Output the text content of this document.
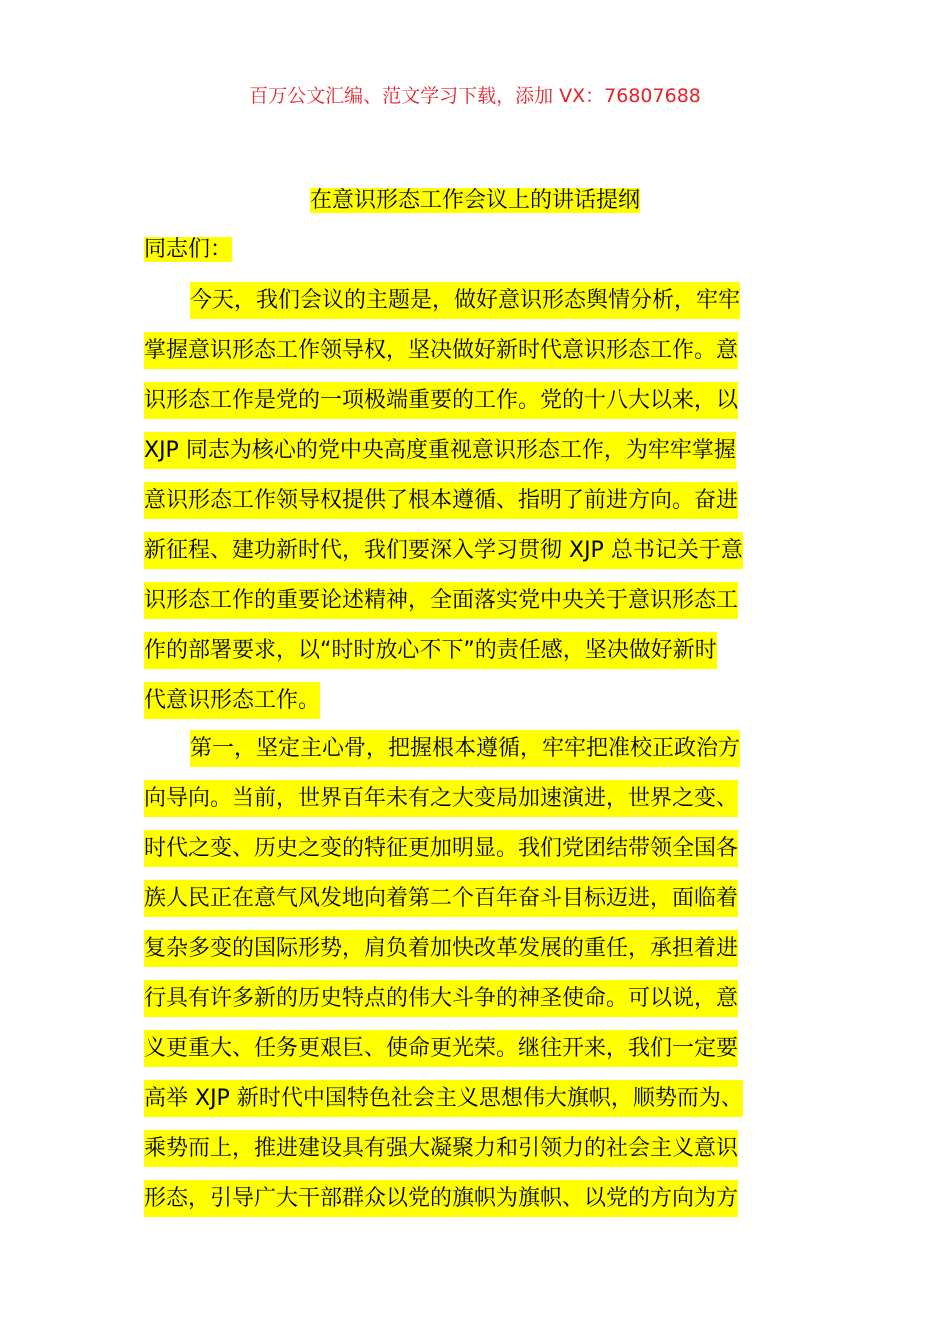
百万公文汇编、范文学习下载，添加 VX：76807688
在意识形态工作会议上的讲话提纲
同志们：
今天，我们会议的主题是，做好意识形态舆情分析，牢牢
掌握意识形态工作领导权，坚决做好新时代意识形态工作。意
识形态工作是党的一项极端重要的工作。党的十八大以来，以
XJP 同志为核心的党中央高度重视意识形态工作，为牢牢掌握
意识形态工作领导权提供了根本遵循、指明了前进方向。奋进
新征程、建功新时代，我们要深入学习贯彻 XJP 总书记关于意
识形态工作的重要论述精神，全面落实党中央关于意识形态工
作的部署要求，以“时时放心不下”的责任感，坚决做好新时
代意识形态工作。
第一，坚定主心骨，把握根本遵循，牢牢把准校正政治方
向导向。当前，世界百年未有之大变局加速演进，世界之变、
时代之变、历史之变的特征更加明显。我们党团结带领全国各
族人民正在意气风发地向着第二个百年奋斗目标迈进，面临着
复杂多变的国际形势，肩负着加快改革发展的重任，承担着进
行具有许多新的历史特点的伟大斗争的神圣使命。可以说，意
义更重大、任务更艰巨、使命更光荣。继往开来，我们一定要
高举 XJP 新时代中国特色社会主义思想伟大旗帜，顺势而为、
乘势而上，推进建设具有强大凝聚力和引领力的社会主义意识
形态，引导广大干部群众以党的旗帜为旗帜、以党的方向为方
